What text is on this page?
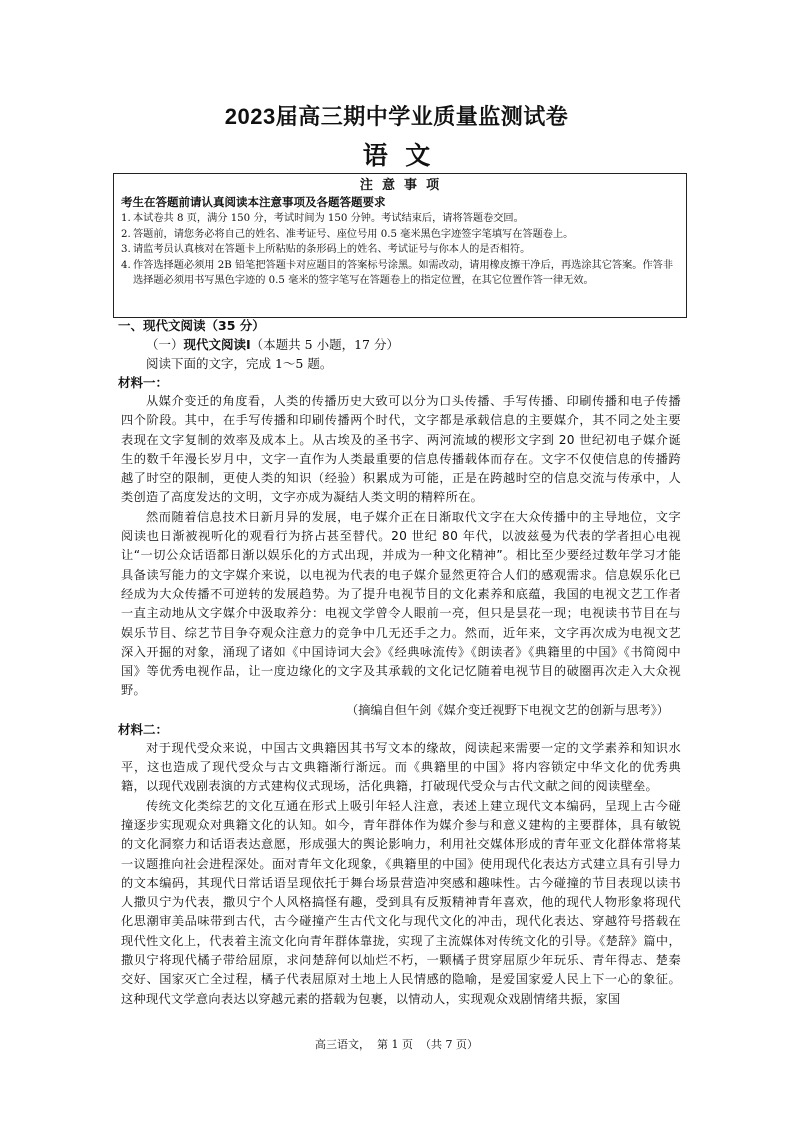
2023届高三期中学业质量监测试卷
语  文
注  意  事  项
考生在答题前请认真阅读本注意事项及各题答题要求
1. 本试卷共 8 页，满分 150 分，考试时间为 150 分钟。考试结束后，请将答题卷交回。
2. 答题前，请您务必将自己的姓名、准考证号、座位号用 0.5 毫米黑色字迹签字笔填写在答题卷上。
3. 请监考员认真核对在答题卡上所粘贴的条形码上的姓名、考试证号与你本人的是否相符。
4. 作答选择题必须用 2B 铅笔把答题卡对应题目的答案标号涂黑。如需改动，请用橡皮擦干净后，再选涂其它答案。作答非选择题必须用书写黑色字迹的 0.5 毫米的签字笔写在答题卷上的指定位置，在其它位置作答一律无效。
一、现代文阅读（35 分）
（一）现代文阅读Ⅰ（本题共 5 小题，17 分）
阅读下面的文字，完成 1～5 题。
材料一：

从媒介变迁的角度看，人类的传播历史大致可以分为口头传播、手写传播、印刷传播和电子传播四个阶段。其中，在手写传播和印刷传播两个时代，文字都是承载信息的主要媒介，其不同之处主要表现在文字复制的效率及成本上。从古埃及的圣书字、两河流域的楔形文字到 20 世纪初电子媒介诞生的数千年漫长岁月中，文字一直作为人类最重要的信息传播载体而存在。文字不仅使信息的传播跨越了时空的限制，更使人类的知识（经验）积累成为可能，正是在跨越时空的信息交流与传承中，人类创造了高度发达的文明，文字亦成为凝结人类文明的精粹所在。

然而随着信息技术日新月异的发展，电子媒介正在日渐取代文字在大众传播中的主导地位，文字阅读也日渐被视听化的观看行为挤占甚至替代。20 世纪 80 年代，以波兹曼为代表的学者担心电视让“一切公众话语都日渐以娱乐化的方式出现，并成为一种文化精神”。相比至少要经过数年学习才能具备读写能力的文字媒介来说，以电视为代表的电子媒介显然更符合人们的感观需求。信息娱乐化已经成为大众传播不可逆转的发展趋势。为了提升电视节目的文化素养和底蕴，我国的电视文艺工作者一直主动地从文字媒介中汲取养分：电视文学曾令人眼前一亮，但只是昙花一现；电视读书节目在与娱乐节目、综艺节目争夺观众注意力的竞争中几无还手之力。然而，近年来，文字再次成为电视文艺深入开掘的对象，涌现了诸如《中国诗词大会》《经典咏流传》《朗读者》《典籍里的中国》《书简阅中国》等优秀电视作品，让一度边缘化的文字及其承载的文化记忆随着电视节目的破圈再次走入大众视野。

（摘编自但午剑《媒介变迁视野下电视文艺的创新与思考》）
材料二：

对于现代受众来说，中国古文典籍因其书写文本的缘故，阅读起来需要一定的文学素养和知识水平，这也造成了现代受众与古文典籍渐行渐远。而《典籍里的中国》将内容锁定中华文化的优秀典籍，以现代戏剧表演的方式建构仪式现场，活化典籍，打破现代受众与古代文献之间的阅读壁垒。

传统文化类综艺的文化互通在形式上吸引年轻人注意，表述上建立现代文本编码，呈现上古今碰撞逐步实现观众对典籍文化的认知。如今，青年群体作为媒介参与和意义建构的主要群体，具有敏锐的文化洞察力和话语表达意愿，形成强大的舆论影响力，利用社交媒体形成的青年亚文化群体常将某一议题推向社会进程深处。面对青年文化现象，《典籍里的中国》使用现代化表达方式建立具有引导力的文本编码，其现代日常话语呈现依托于舞台场景营造冲突感和趣味性。古今碰撞的节目表现以读书人撒贝宁为代表，撒贝宁个人风格搞怪有趣，受到具有反叛精神青年喜欢，他的现代人物形象将现代化思潮审美品味带到古代，古今碰撞产生古代文化与现代文化的冲击，现代化表达、穿越符号搭载在现代性文化上，代表着主流文化向青年群体靠拢，实现了主流媒体对传统文化的引导。《楚辞》篇中，撒贝宁将现代橘子带给屈原，求问楚辞何以灿烂不朽，一颗橘子贯穿屈原少年玩乐、青年得志、楚秦交好、国家灭亡全过程，橘子代表屈原对土地上人民情感的隐喻，是爱国家爱人民上下一心的象征。这种现代文学意向表达以穿越元素的搭载为包裹，以情动人，实现观众戏剧情绪共振，家国

高三语文，  第 1 页  （共 7 页）
